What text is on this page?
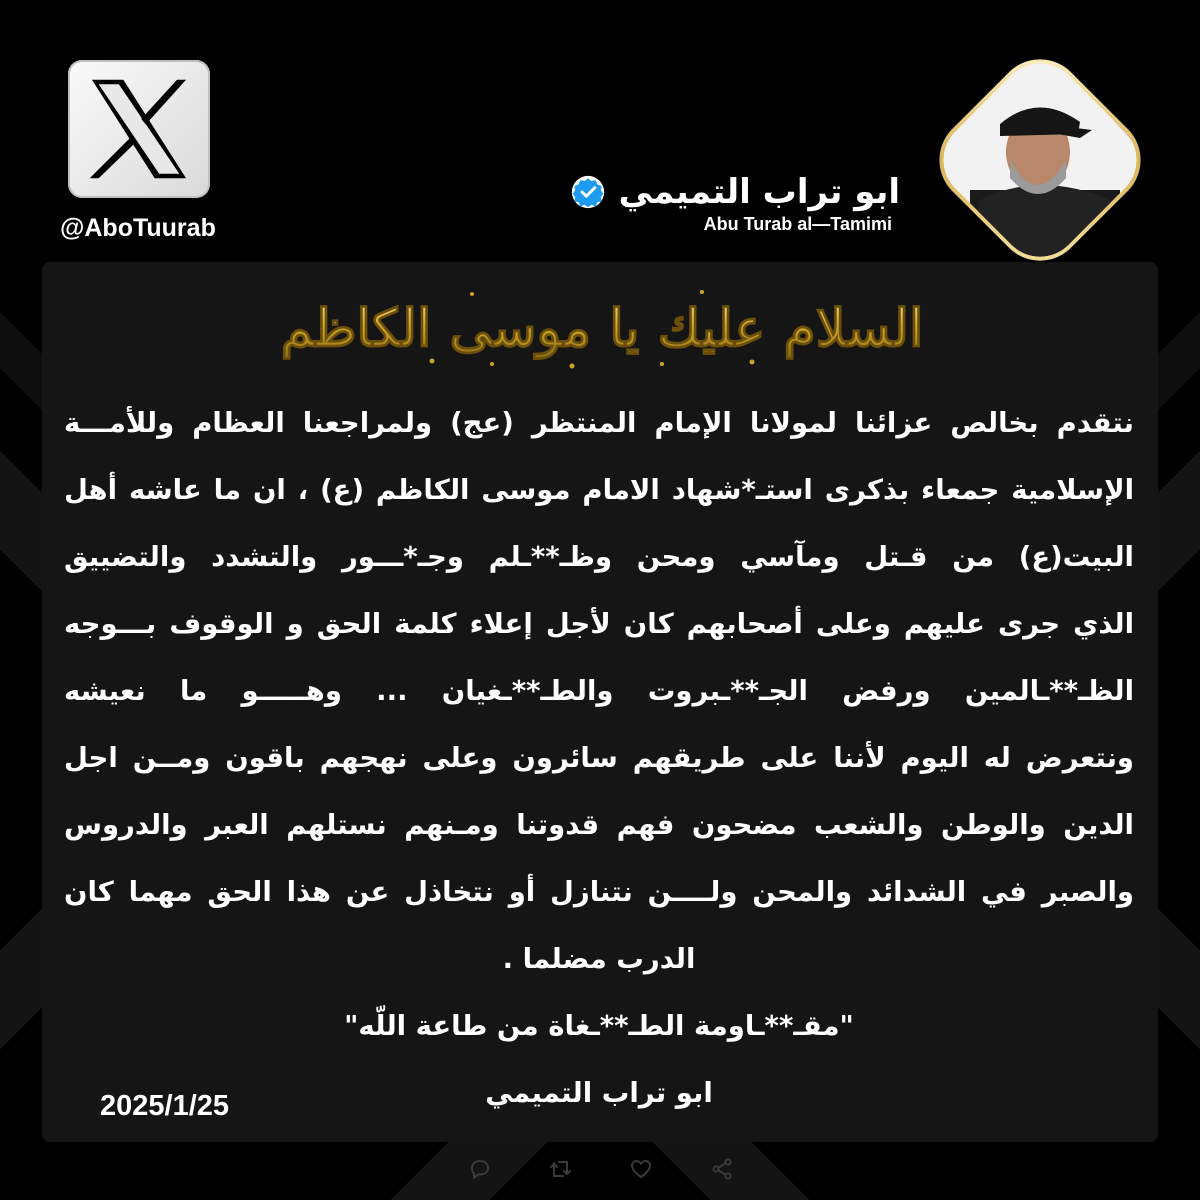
@AboTuurab
ابو تراب التميمي
Abu Turab al—Tamimi
السلام عليك يا موسى الكاظم
نتقدم بخالص عزائنا لمولانا الإمام المنتظر (عج) ولمراجعنا العظام وللأمـــة
الإسلامية جمعاء بذكرى استـ*شهاد الامام موسى الكاظم (ع) ، ان ما عاشه أهل
البيت(ع) من قـتل ومآسي ومحن وظـ**ـلم وجـ*ـــور والتشدد والتضييق
الذي جرى عليهم وعلى أصحابهم كان لأجل إعلاء كلمة الحق و الوقوف بـــوجه
الظـ**ـالمين ورفض الجـ**ـبروت والطـ**ـغيان ... وهـــــو ما نعيشه
ونتعرض له اليوم لأننا على طريقهم سائرون وعلى نهجهم باقون ومــن اجل
الدين والوطن والشعب مضحون فهم قدوتنا ومـنهم نستلهم العبر والدروس
والصبر في الشدائد والمحن ولــــن نتنازل أو نتخاذل عن هذا الحق مهما كان
الدرب مضلما .
"مقـ**ـاومة الطـ**ـغاة من طاعة اللّه"
ابو تراب التميمي
2025/1/25
